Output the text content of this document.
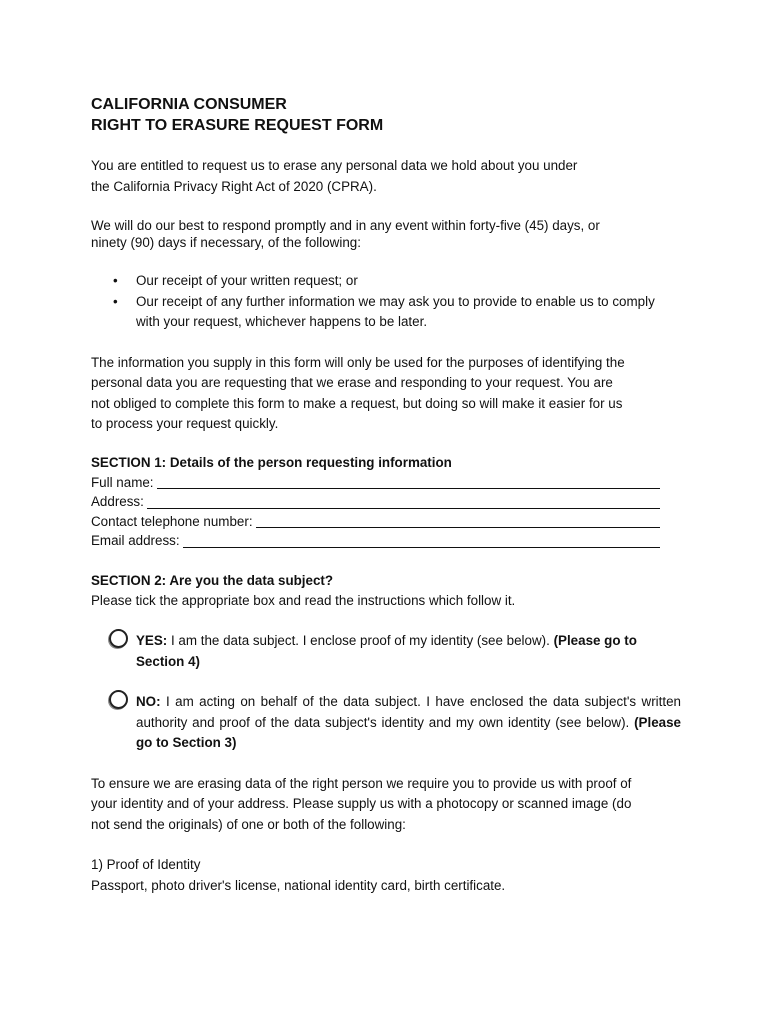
CALIFORNIA CONSUMER
RIGHT TO ERASURE REQUEST FORM

You are entitled to request us to erase any personal data we hold about you under
the California Privacy Right Act of 2020 (CPRA).

We will do our best to respond promptly and in any event within forty-five (45) days, or
ninety (90) days if necessary, of the following:

• Our receipt of your written request; or
• Our receipt of any further information we may ask you to provide to enable us to comply with your request, whichever happens to be later.

The information you supply in this form will only be used for the purposes of identifying the
personal data you are requesting that we erase and responding to your request. You are
not obliged to complete this form to make a request, but doing so will make it easier for us
to process your request quickly.

SECTION 1: Details of the person requesting information
Full name:
Address:
Contact telephone number:
Email address:
SECTION 2: Are you the data subject?

Please tick the appropriate box and read the instructions which follow it.

YES: I am the data subject. I enclose proof of my identity (see below). (Please go to Section 4)
NO: I am acting on behalf of the data subject. I have enclosed the data subject's written authority and proof of the data subject's identity and my own identity (see below). (Please go to Section 3)

To ensure we are erasing data of the right person we require you to provide us with proof of
your identity and of your address. Please supply us with a photocopy or scanned image (do
not send the originals) of one or both of the following:

1) Proof of Identity
Passport, photo driver's license, national identity card, birth certificate.
